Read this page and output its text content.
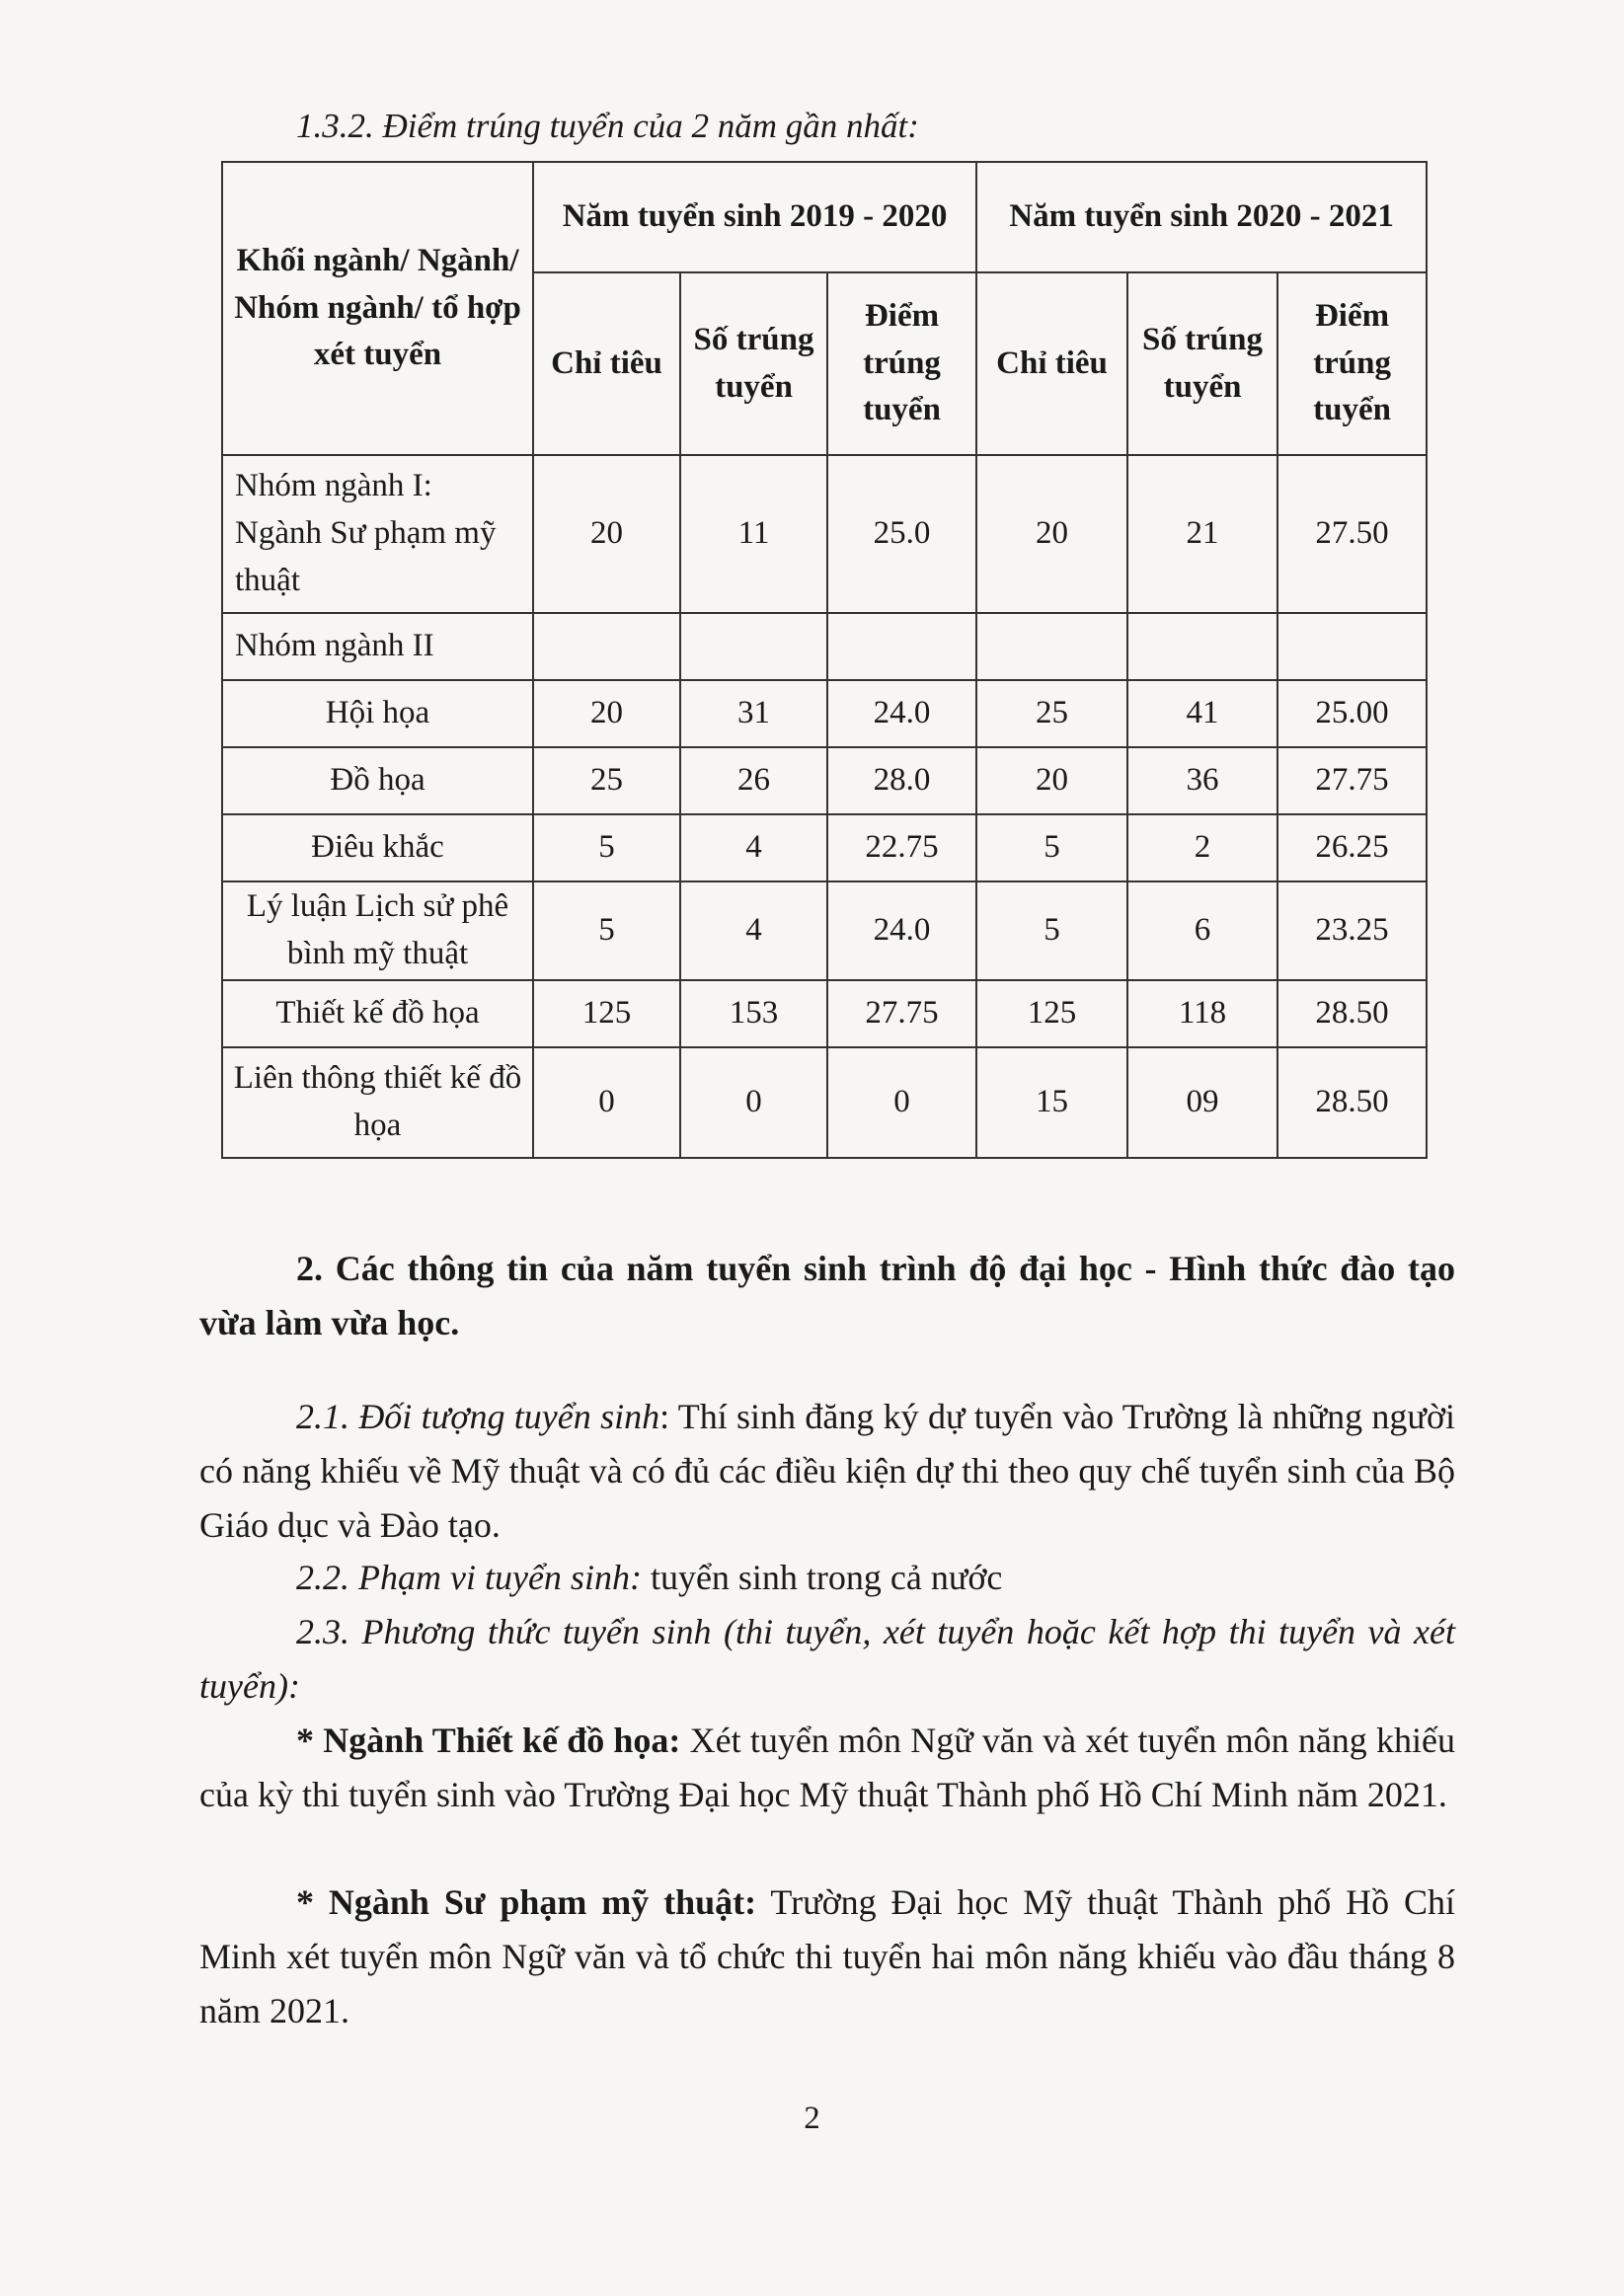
1.3.2. Điểm trúng tuyển của 2 năm gần nhất:
Khối ngành/ Ngành/ Nhóm ngành/ tổ hợp xét tuyển	Năm tuyển sinh 2019 - 2020			Năm tuyển sinh 2020 - 2021		
	Chỉ tiêu	Số trúng tuyển	Điểm trúng tuyển	Chỉ tiêu	Số trúng tuyển	Điểm trúng tuyển
Nhóm ngành I: Ngành Sư phạm mỹ thuật	20	11	25.0	20	21	27.50
Nhóm ngành II						
Hội họa	20	31	24.0	25	41	25.00
Đồ họa	25	26	28.0	20	36	27.75
Điêu khắc	5	4	22.75	5	2	26.25
Lý luận Lịch sử phê bình mỹ thuật	5	4	24.0	5	6	23.25
Thiết kế đồ họa	125	153	27.75	125	118	28.50
Liên thông thiết kế đồ họa	0	0	0	15	09	28.50

2. Các thông tin của năm tuyển sinh trình độ đại học - Hình thức đào tạo vừa làm vừa học.

2.1. Đối tượng tuyển sinh: Thí sinh đăng ký dự tuyển vào Trường là những người có năng khiếu về Mỹ thuật và có đủ các điều kiện dự thi theo quy chế tuyển sinh của Bộ Giáo dục và Đào tạo.

2.2. Phạm vi tuyển sinh: tuyển sinh trong cả nước

2.3. Phương thức tuyển sinh (thi tuyển, xét tuyển hoặc kết hợp thi tuyển và xét tuyển):

* Ngành Thiết kế đồ họa: Xét tuyển môn Ngữ văn và xét tuyển môn năng khiếu của kỳ thi tuyển sinh vào Trường Đại học Mỹ thuật Thành phố Hồ Chí Minh năm 2021.

* Ngành Sư phạm mỹ thuật: Trường Đại học Mỹ thuật Thành phố Hồ Chí Minh xét tuyển môn Ngữ văn và tổ chức thi tuyển hai môn năng khiếu vào đầu tháng 8 năm 2021.

2
